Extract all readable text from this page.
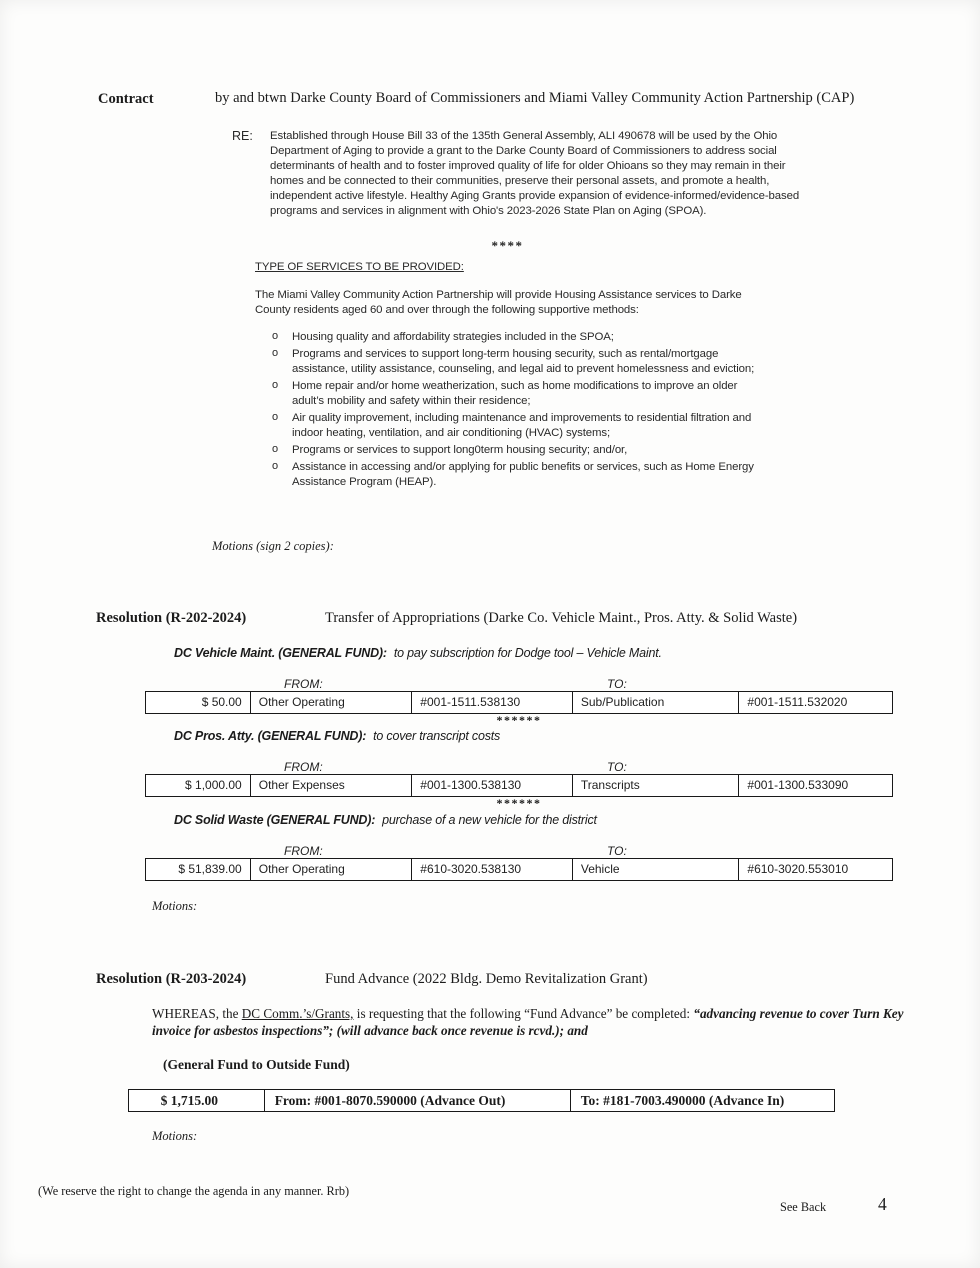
Contract	by and btwn Darke County Board of Commissioners and Miami Valley Community Action Partnership (CAP)
RE: Established through House Bill 33 of the 135th General Assembly, ALI 490678 will be used by the Ohio Department of Aging to provide a grant to the Darke County Board of Commissioners to address social determinants of health and to foster improved quality of life for older Ohioans so they may remain in their homes and be connected to their communities, preserve their personal assets, and promote a health, independent active lifestyle. Healthy Aging Grants provide expansion of evidence-informed/evidence-based programs and services in alignment with Ohio's 2023-2026 State Plan on Aging (SPOA).
****
TYPE OF SERVICES TO BE PROVIDED:
The Miami Valley Community Action Partnership will provide Housing Assistance services to Darke County residents aged 60 and over through the following supportive methods:
o	Housing quality and affordability strategies included in the SPOA;
o	Programs and services to support long-term housing security, such as rental/mortgage assistance, utility assistance, counseling, and legal aid to prevent homelessness and eviction;
o	Home repair and/or home weatherization, such as home modifications to improve an older adult’s mobility and safety within their residence;
o	Air quality improvement, including maintenance and improvements to residential filtration and indoor heating, ventilation, and air conditioning (HVAC) systems;
o	Programs or services to support long0term housing security; and/or,
o	Assistance in accessing and/or applying for public benefits or services, such as Home Energy Assistance Program (HEAP).
Motions (sign 2 copies):
Resolution (R-202-2024)	Transfer of Appropriations (Darke Co. Vehicle Maint., Pros. Atty. & Solid Waste)
DC Vehicle Maint. (GENERAL FUND): to pay subscription for Dodge tool – Vehicle Maint.
FROM:	TO:
$ 50.00	Other Operating	#001-1511.538130	Sub/Publication	#001-1511.532020
******
DC Pros. Atty. (GENERAL FUND): to cover transcript costs
FROM:	TO:
$ 1,000.00	Other Expenses	#001-1300.538130	Transcripts	#001-1300.533090
******
DC Solid Waste (GENERAL FUND): purchase of a new vehicle for the district
FROM:	TO:
$ 51,839.00	Other Operating	#610-3020.538130	Vehicle	#610-3020.553010
Motions:
Resolution (R-203-2024)	Fund Advance (2022 Bldg. Demo Revitalization Grant)
WHEREAS, the DC Comm.’s/Grants, is requesting that the following “Fund Advance” be completed: “advancing revenue to cover Turn Key invoice for asbestos inspections”; (will advance back once revenue is rcvd.); and
(General Fund to Outside Fund)
$ 1,715.00	From: #001-8070.590000 (Advance Out)	To: #181-7003.490000 (Advance In)
Motions:
(We reserve the right to change the agenda in any manner. Rrb)
See Back	4
